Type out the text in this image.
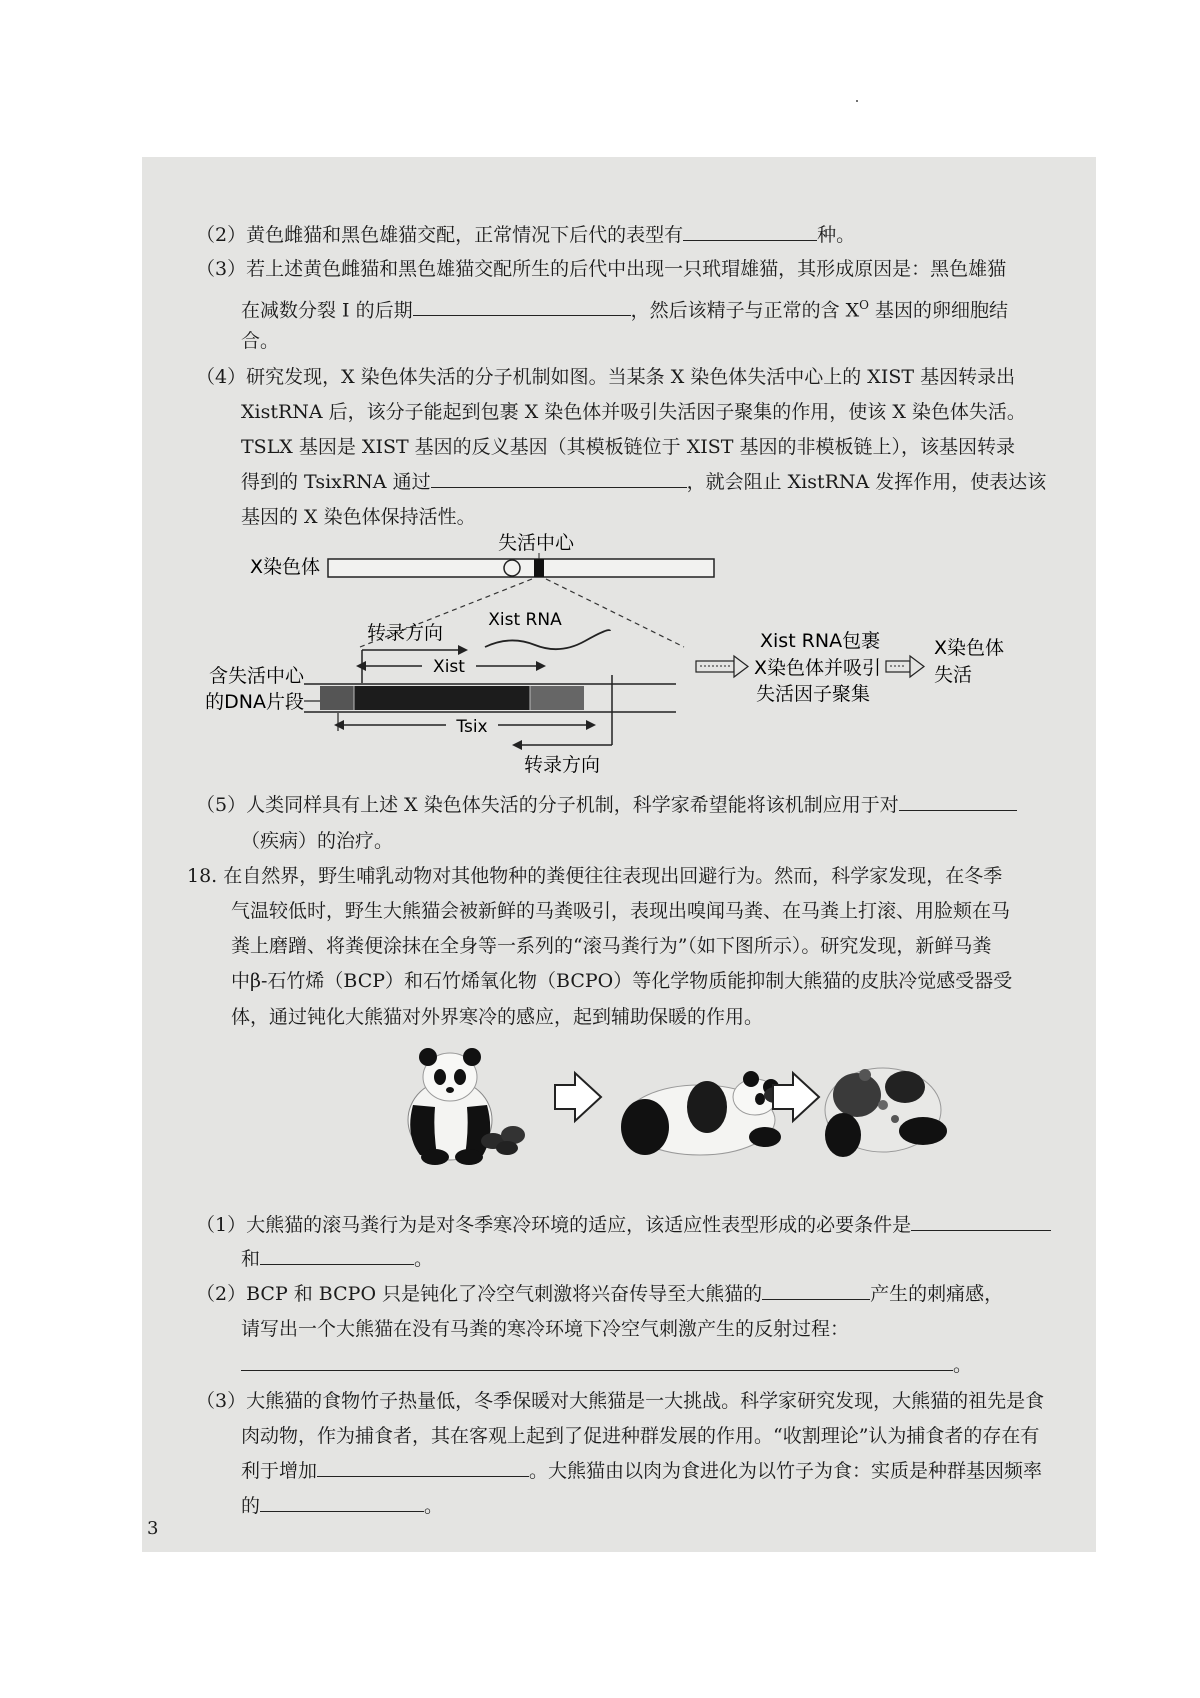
（2）黄色雌猫和黑色雄猫交配，正常情况下后代的表型有	种。
（3）若上述黄色雌猫和黑色雄猫交配所生的后代中出现一只玳瑁雄猫，其形成原因是：黑色雄猫
在减数分裂 I 的后期	，然后该精子与正常的含 $X^O$ 基因的卵细胞结
合。
（4）研究发现，X 染色体失活的分子机制如图。当某条 X 染色体失活中心上的 XIST 基因转录出
XistRNA 后，该分子能起到包裹 X 染色体并吸引失活因子聚集的作用，使该 X 染色体失活。
TSLX 基因是 XIST 基因的反义基因（其模板链位于 XIST 基因的非模板链上），该基因转录
得到的 TsixRNA 通过	，就会阻止 XistRNA 发挥作用，使表达该
基因的 X 染色体保持活性。
X染色体
失活中心
Xist RNA
转录方向
Xist
含失活中心
的DNA片段
Tsix
转录方向
Xist RNA包裹
X染色体并吸引
失活因子聚集
X染色体
失活
（5）人类同样具有上述 X 染色体失活的分子机制，科学家希望能将该机制应用于对
（疾病）的治疗。
18. 在自然界，野生哺乳动物对其他物种的粪便往往表现出回避行为。然而，科学家发现，在冬季
气温较低时，野生大熊猫会被新鲜的马粪吸引，表现出嗅闻马粪、在马粪上打滚、用脸颊在马
粪上磨蹭、将粪便涂抹在全身等一系列的“滚马粪行为”（如下图所示）。研究发现，新鲜马粪
中β-石竹烯（BCP）和石竹烯氧化物（BCPO）等化学物质能抑制大熊猫的皮肤冷觉感受器受
体，通过钝化大熊猫对外界寒冷的感应，起到辅助保暖的作用。
（1）大熊猫的滚马粪行为是对冬季寒冷环境的适应，该适应性表型形成的必要条件是
和	。
（2）BCP 和 BCPO 只是钝化了冷空气刺激将兴奋传导至大熊猫的	产生的刺痛感，
请写出一个大熊猫在没有马粪的寒冷环境下冷空气刺激产生的反射过程：
。
（3）大熊猫的食物竹子热量低，冬季保暖对大熊猫是一大挑战。科学家研究发现，大熊猫的祖先是食
肉动物，作为捕食者，其在客观上起到了促进种群发展的作用。“收割理论”认为捕食者的存在有
利于增加	。大熊猫由以肉为食进化为以竹子为食：实质是种群基因频率
的	。
3
